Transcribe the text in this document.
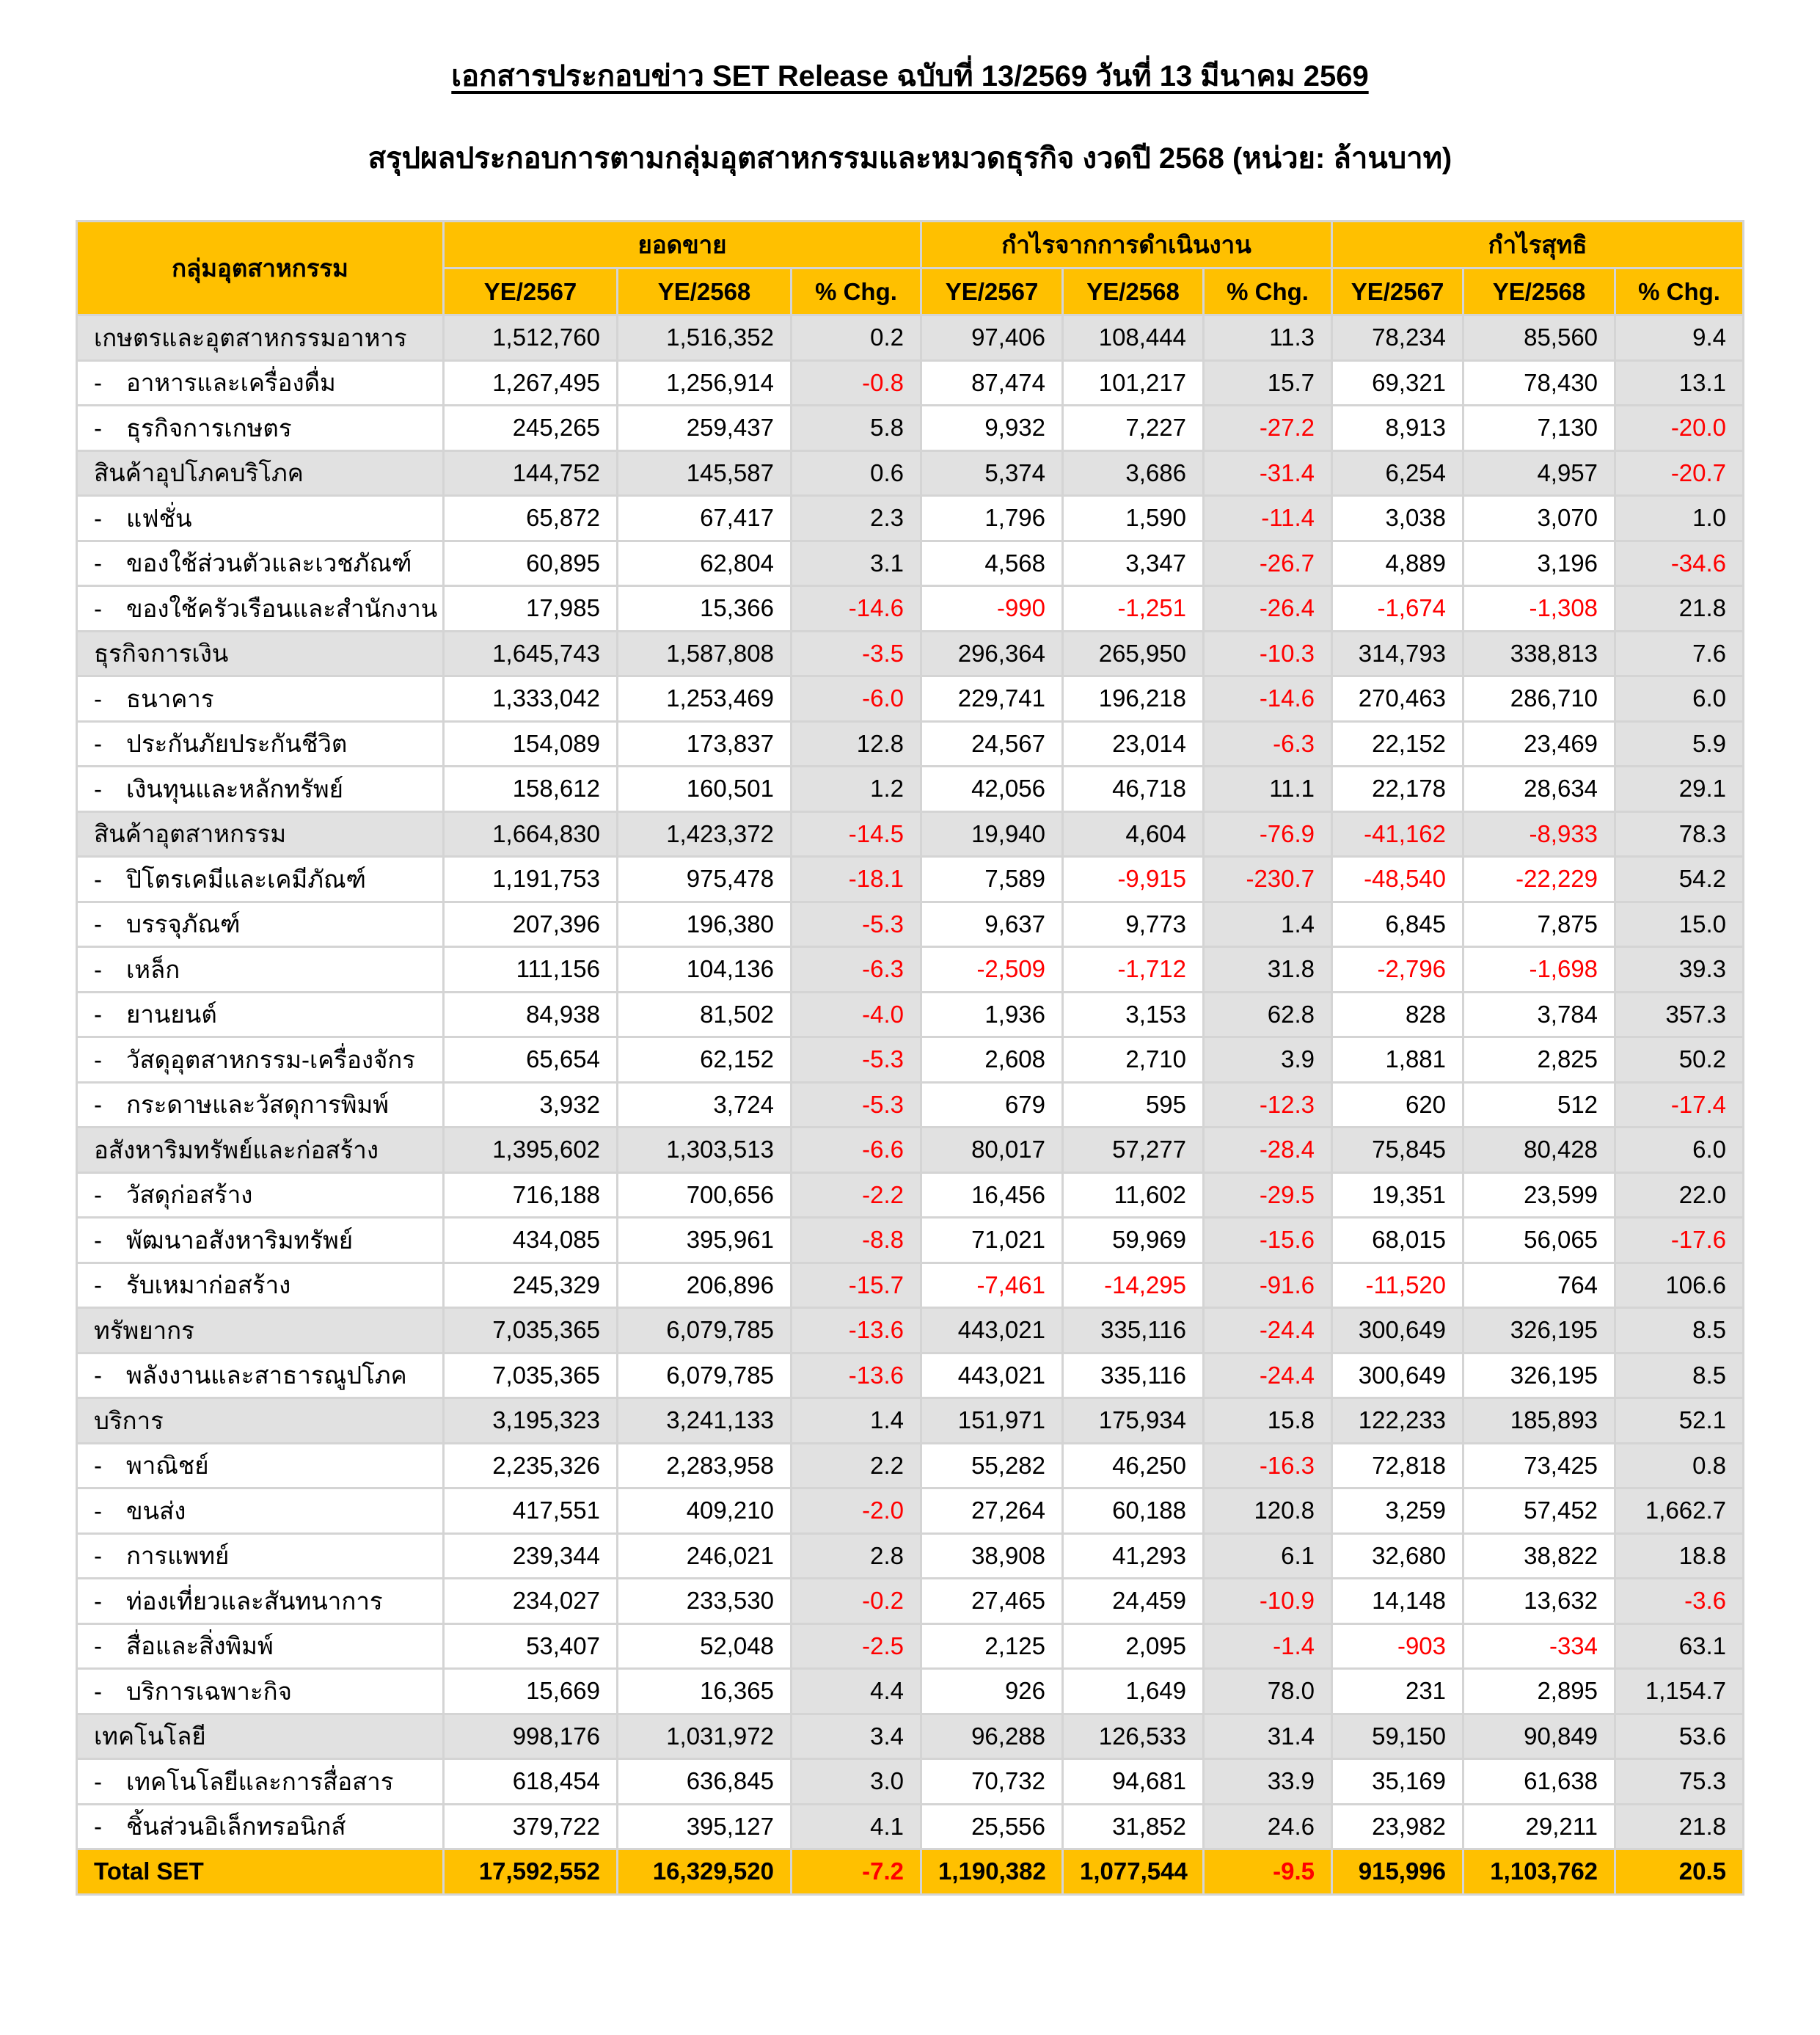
เอกสารประกอบข่าว SET Release ฉบับที่ 13/2569 วันที่ 13 มีนาคม 2569
สรุปผลประกอบการตามกลุ่มอุตสาหกรรมและหมวดธุรกิจ งวดปี 2568 (หน่วย: ล้านบาท)
กลุ่มอุตสาหกรรม	ยอดขาย			กำไรจากการดำเนินงาน			กำไรสุทธิ		
	YE/2567	YE/2568	% Chg.	YE/2567	YE/2568	% Chg.	YE/2567	YE/2568	% Chg.
เกษตรและอุตสาหกรรมอาหาร	1,512,760	1,516,352	0.2	97,406	108,444	11.3	78,234	85,560	9.4
- อาหารและเครื่องดื่ม	1,267,495	1,256,914	-0.8	87,474	101,217	15.7	69,321	78,430	13.1
- ธุรกิจการเกษตร	245,265	259,437	5.8	9,932	7,227	-27.2	8,913	7,130	-20.0
สินค้าอุปโภคบริโภค	144,752	145,587	0.6	5,374	3,686	-31.4	6,254	4,957	-20.7
- แฟชั่น	65,872	67,417	2.3	1,796	1,590	-11.4	3,038	3,070	1.0
- ของใช้ส่วนตัวและเวชภัณฑ์	60,895	62,804	3.1	4,568	3,347	-26.7	4,889	3,196	-34.6
- ของใช้ครัวเรือนและสำนักงาน	17,985	15,366	-14.6	-990	-1,251	-26.4	-1,674	-1,308	21.8
ธุรกิจการเงิน	1,645,743	1,587,808	-3.5	296,364	265,950	-10.3	314,793	338,813	7.6
- ธนาคาร	1,333,042	1,253,469	-6.0	229,741	196,218	-14.6	270,463	286,710	6.0
- ประกันภัยประกันชีวิต	154,089	173,837	12.8	24,567	23,014	-6.3	22,152	23,469	5.9
- เงินทุนและหลักทรัพย์	158,612	160,501	1.2	42,056	46,718	11.1	22,178	28,634	29.1
สินค้าอุตสาหกรรม	1,664,830	1,423,372	-14.5	19,940	4,604	-76.9	-41,162	-8,933	78.3
- ปิโตรเคมีและเคมีภัณฑ์	1,191,753	975,478	-18.1	7,589	-9,915	-230.7	-48,540	-22,229	54.2
- บรรจุภัณฑ์	207,396	196,380	-5.3	9,637	9,773	1.4	6,845	7,875	15.0
- เหล็ก	111,156	104,136	-6.3	-2,509	-1,712	31.8	-2,796	-1,698	39.3
- ยานยนต์	84,938	81,502	-4.0	1,936	3,153	62.8	828	3,784	357.3
- วัสดุอุตสาหกรรม-เครื่องจักร	65,654	62,152	-5.3	2,608	2,710	3.9	1,881	2,825	50.2
- กระดาษและวัสดุการพิมพ์	3,932	3,724	-5.3	679	595	-12.3	620	512	-17.4
อสังหาริมทรัพย์และก่อสร้าง	1,395,602	1,303,513	-6.6	80,017	57,277	-28.4	75,845	80,428	6.0
- วัสดุก่อสร้าง	716,188	700,656	-2.2	16,456	11,602	-29.5	19,351	23,599	22.0
- พัฒนาอสังหาริมทรัพย์	434,085	395,961	-8.8	71,021	59,969	-15.6	68,015	56,065	-17.6
- รับเหมาก่อสร้าง	245,329	206,896	-15.7	-7,461	-14,295	-91.6	-11,520	764	106.6
ทรัพยากร	7,035,365	6,079,785	-13.6	443,021	335,116	-24.4	300,649	326,195	8.5
- พลังงานและสาธารณูปโภค	7,035,365	6,079,785	-13.6	443,021	335,116	-24.4	300,649	326,195	8.5
บริการ	3,195,323	3,241,133	1.4	151,971	175,934	15.8	122,233	185,893	52.1
- พาณิชย์	2,235,326	2,283,958	2.2	55,282	46,250	-16.3	72,818	73,425	0.8
- ขนส่ง	417,551	409,210	-2.0	27,264	60,188	120.8	3,259	57,452	1,662.7
- การแพทย์	239,344	246,021	2.8	38,908	41,293	6.1	32,680	38,822	18.8
- ท่องเที่ยวและสันทนาการ	234,027	233,530	-0.2	27,465	24,459	-10.9	14,148	13,632	-3.6
- สื่อและสิ่งพิมพ์	53,407	52,048	-2.5	2,125	2,095	-1.4	-903	-334	63.1
- บริการเฉพาะกิจ	15,669	16,365	4.4	926	1,649	78.0	231	2,895	1,154.7
เทคโนโลยี	998,176	1,031,972	3.4	96,288	126,533	31.4	59,150	90,849	53.6
- เทคโนโลยีและการสื่อสาร	618,454	636,845	3.0	70,732	94,681	33.9	35,169	61,638	75.3
- ชิ้นส่วนอิเล็กทรอนิกส์	379,722	395,127	4.1	25,556	31,852	24.6	23,982	29,211	21.8
Total SET	17,592,552	16,329,520	-7.2	1,190,382	1,077,544	-9.5	915,996	1,103,762	20.5
